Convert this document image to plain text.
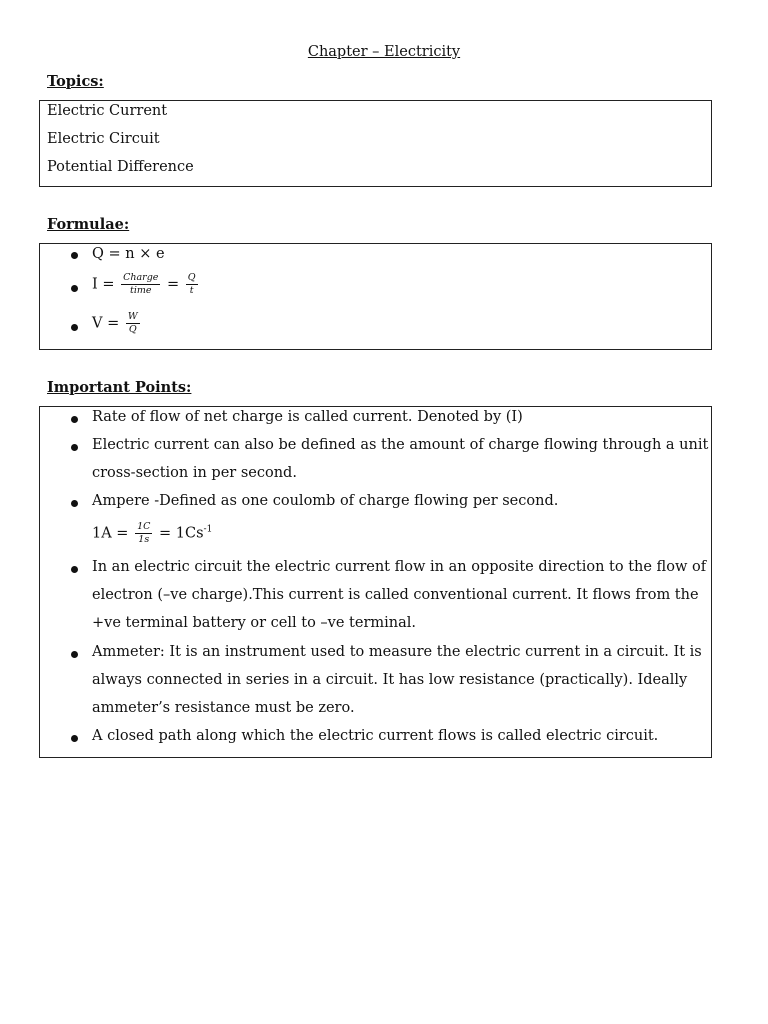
Chapter – Electricity
Topics:
Electric Current
Electric Circuit
Potential Difference
Formulae:
Q = n × e
$I = \frac{\text{Charge}}{\text{time}} = \frac{Q}{t}$
$V = \frac{W}{Q}$
Important Points:
Rate of flow of net charge is called current. Denoted by (I)
Electric current can also be defined as the amount of charge flowing through a unit
cross-section in per second.
Ampere -Defined as one coulomb of charge flowing per second.
$1A = \frac{1C}{1s} = 1Cs^{-1}$
In an electric circuit the electric current flow in an opposite direction to the flow of
electron (–ve charge).This current is called conventional current. It flows from the
+ve terminal battery or cell to –ve terminal.
Ammeter: It is an instrument used to measure the electric current in a circuit. It is
always connected in series in a circuit. It has low resistance (practically). Ideally
ammeter’s resistance must be zero.
A closed path along which the electric current flows is called electric circuit.
